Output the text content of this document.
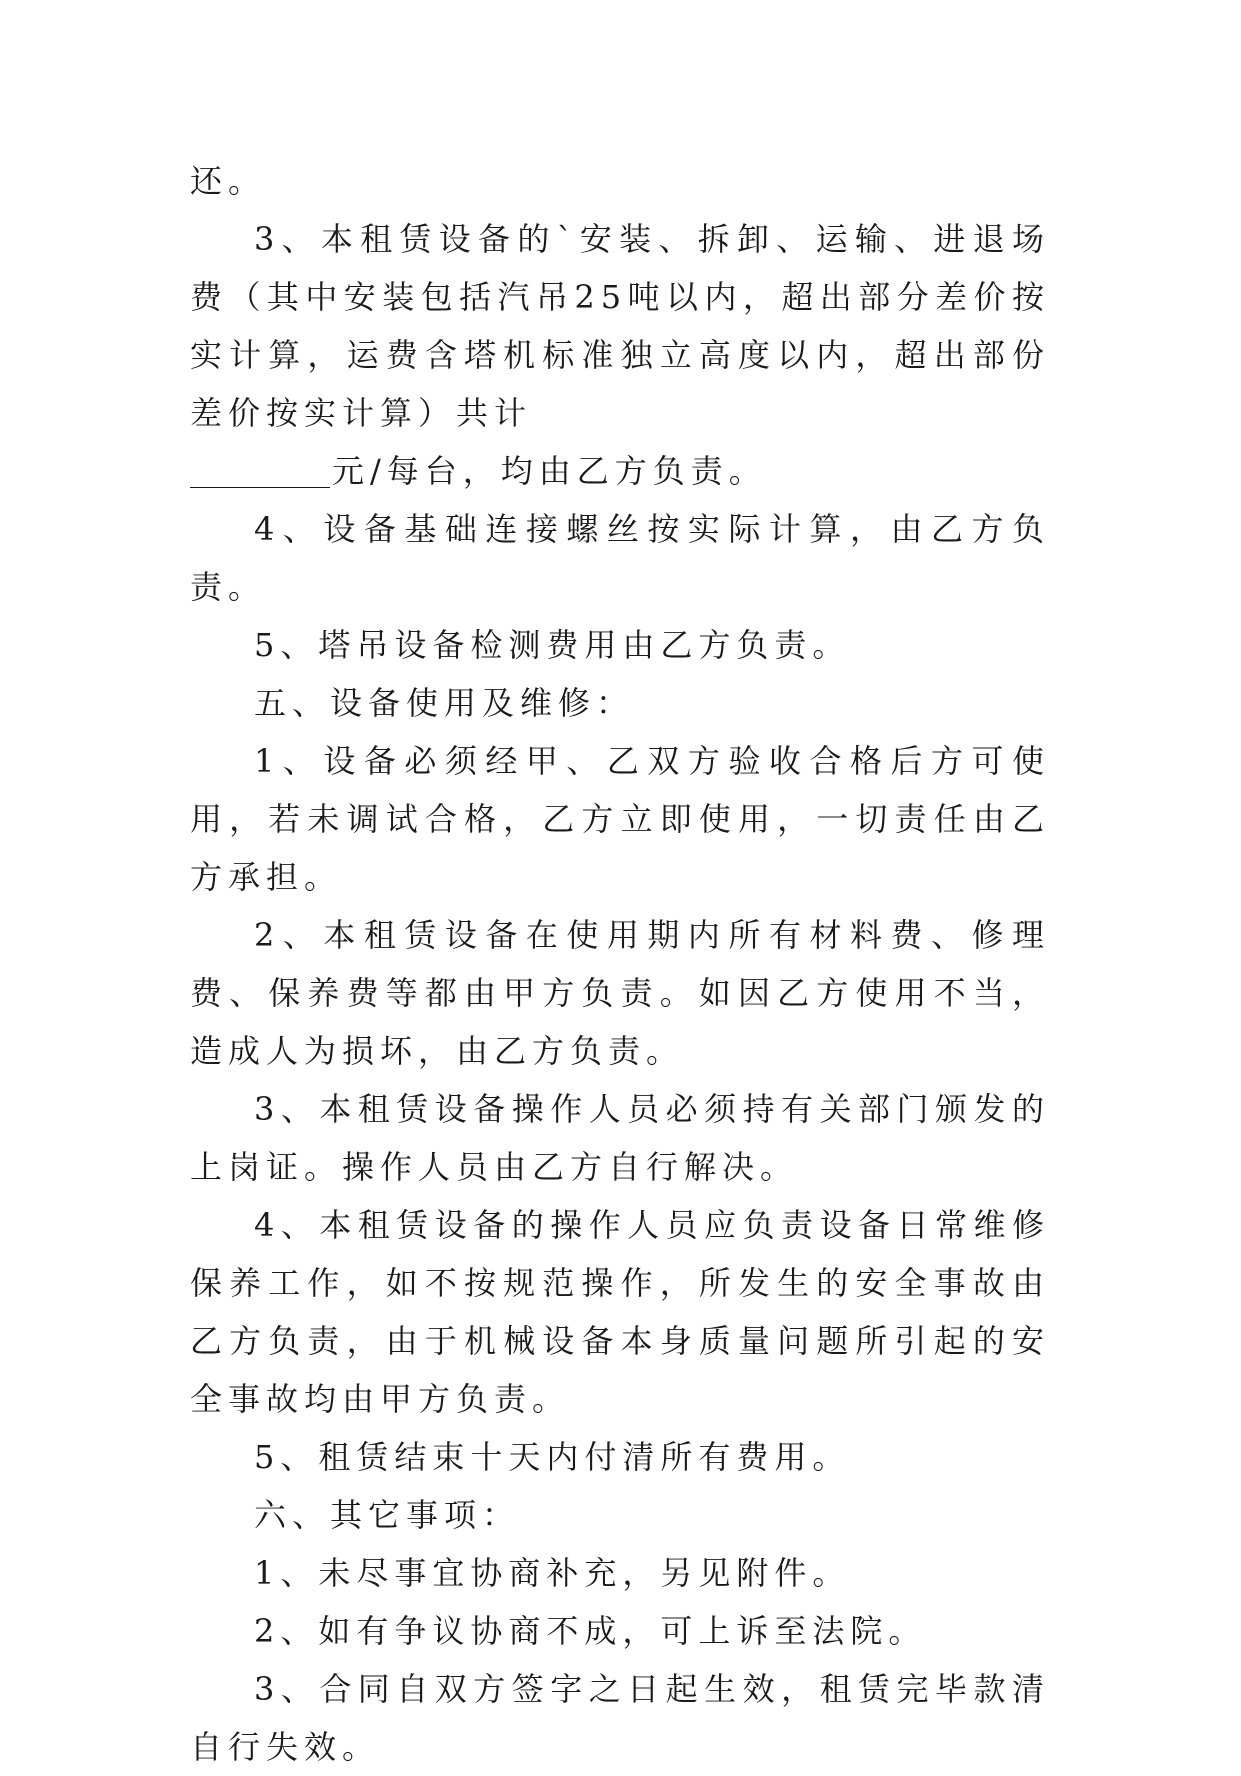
还。

3、本租赁设备的`安装、拆卸、运输、进退场费（其中安装包括汽吊25吨以内，超出部分差价按实计算，运费含塔机标准独立高度以内，超出部份差价按实计算）共计

元/每台，均由乙方负责。

4、设备基础连接螺丝按实际计算，由乙方负责。

5、塔吊设备检测费用由乙方负责。

五、设备使用及维修：

1、设备必须经甲、乙双方验收合格后方可使用，若未调试合格，乙方立即使用，一切责任由乙方承担。

2、本租赁设备在使用期内所有材料费、修理费、保养费等都由甲方负责。如因乙方使用不当，造成人为损坏，由乙方负责。

3、本租赁设备操作人员必须持有关部门颁发的上岗证。操作人员由乙方自行解决。

4、本租赁设备的操作人员应负责设备日常维修保养工作，如不按规范操作，所发生的安全事故由乙方负责，由于机械设备本身质量问题所引起的安全事故均由甲方负责。

5、租赁结束十天内付清所有费用。

六、其它事项：

1、未尽事宜协商补充，另见附件。

2、如有争议协商不成，可上诉至法院。

3、合同自双方签字之日起生效，租赁完毕款清自行失效。
